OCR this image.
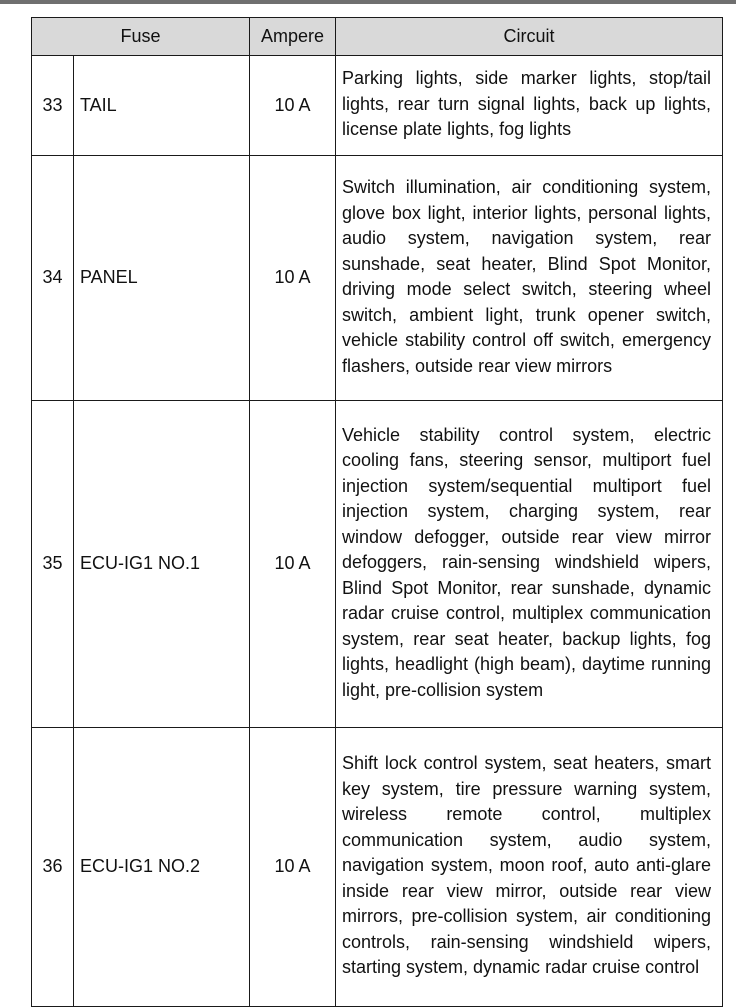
Fuse		Ampere	Circuit
33	TAIL	10 A	Parking lights, side marker lights, stop/tail lights, rear turn signal lights, back up lights, license plate lights, fog lights
34	PANEL	10 A	Switch illumination, air conditioning system, glove box light, interior lights, personal lights, audio system, navigation system, rear sunshade, seat heater, Blind Spot Monitor, driving mode select switch, steering wheel switch, ambient light, trunk opener switch, vehicle stability control off switch, emergency flashers, outside rear view mirrors
35	ECU-IG1 NO.1	10 A	Vehicle stability control system, electric cooling fans, steering sensor, multiport fuel injection system/sequential multiport fuel injection system, charging system, rear window defogger, outside rear view mirror defoggers, rain-sensing windshield wipers, Blind Spot Monitor, rear sunshade, dynamic radar cruise control, multiplex communication system, rear seat heater, backup lights, fog lights, headlight (high beam), daytime running light, pre-collision system
36	ECU-IG1 NO.2	10 A	Shift lock control system, seat heaters, smart key system, tire pressure warning system, wireless remote control, multiplex communication system, audio system, navigation system, moon roof, auto anti-glare inside rear view mirror, outside rear view mirrors, pre-collision system, air conditioning controls, rain-sensing windshield wipers, starting system, dynamic radar cruise control
